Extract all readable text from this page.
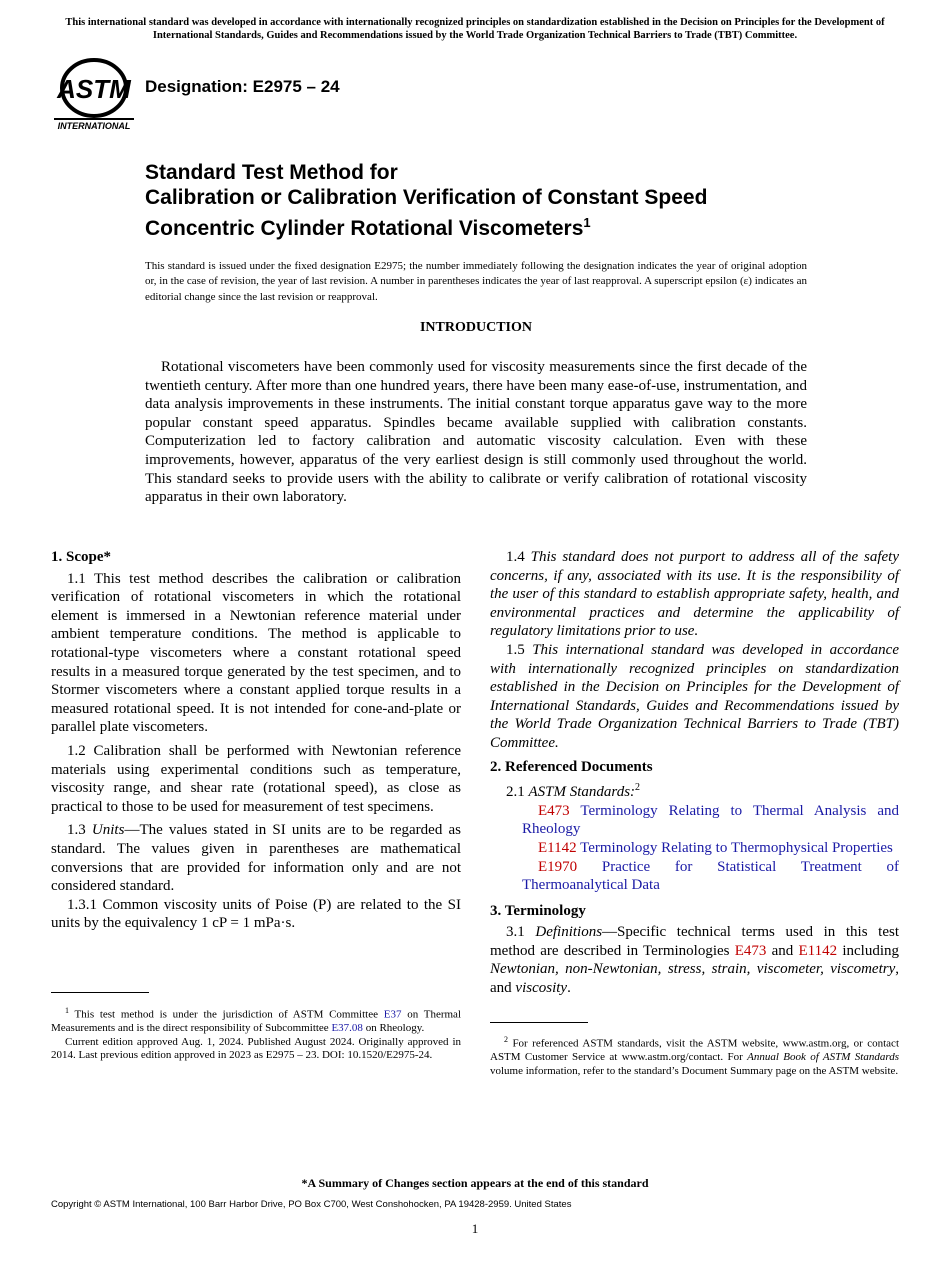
This international standard was developed in accordance with internationally recognized principles on standardization established in the Decision on Principles for the Development of International Standards, Guides and Recommendations issued by the World Trade Organization Technical Barriers to Trade (TBT) Committee.
ASTM
INTERNATIONAL
Designation: E2975 – 24
Standard Test Method for
Calibration or Calibration Verification of Constant Speed
Concentric Cylinder Rotational Viscometers$^1$
This standard is issued under the fixed designation E2975; the number immediately following the designation indicates the year of original adoption or, in the case of revision, the year of last revision. A number in parentheses indicates the year of last reapproval. A superscript epsilon (ε) indicates an editorial change since the last revision or reapproval.
INTRODUCTION
Rotational viscometers have been commonly used for viscosity measurements since the first decade of the twentieth century. After more than one hundred years, there have been many ease-of-use, instrumentation, and data analysis improvements in these instruments. The initial constant torque apparatus gave way to the more popular constant speed apparatus. Spindles became available supplied with calibration constants. Computerization led to factory calibration and automatic viscosity calculation. Even with these improvements, however, apparatus of the very earliest design is still commonly used throughout the world. This standard seeks to provide users with the ability to calibrate or verify calibration of rotational viscosity apparatus in their own laboratory.
1. Scope*

1.1 This test method describes the calibration or calibration verification of rotational viscometers in which the rotational element is immersed in a Newtonian reference material under ambient temperature conditions. The method is applicable to rotational-type viscometers where a constant rotational speed results in a measured torque generated by the test specimen, and to Stormer viscometers where a constant applied torque results in a measured rotational speed. It is not intended for cone-and-plate or parallel plate viscometers.

1.2 Calibration shall be performed with Newtonian reference materials using experimental conditions such as temperature, viscosity range, and shear rate (rotational speed), as close as practical to those to be used for measurement of test specimens.

1.3 Units—The values stated in SI units are to be regarded as standard. The values given in parentheses are mathematical conversions that are provided for information only and are not considered standard.

1.3.1 Common viscosity units of Poise (P) are related to the SI units by the equivalency 1 cP = 1 mPa·s.

$^1$ This test method is under the jurisdiction of ASTM Committee E37 on Thermal Measurements and is the direct responsibility of Subcommittee E37.08 on Rheology.

Current edition approved Aug. 1, 2024. Published August 2024. Originally approved in 2014. Last previous edition approved in 2023 as E2975 – 23. DOI: 10.1520/E2975-24.

1.4 This standard does not purport to address all of the safety concerns, if any, associated with its use. It is the responsibility of the user of this standard to establish appropriate safety, health, and environmental practices and determine the applicability of regulatory limitations prior to use.

1.5 This international standard was developed in accordance with internationally recognized principles on standardization established in the Decision on Principles for the Development of International Standards, Guides and Recommendations issued by the World Trade Organization Technical Barriers to Trade (TBT) Committee.

2. Referenced Documents

2.1 ASTM Standards:$^2$

E473 Terminology Relating to Thermal Analysis and Rheology

E1142 Terminology Relating to Thermophysical Properties

E1970 Practice for Statistical Treatment of Thermoanalytical Data

3. Terminology

3.1 Definitions—Specific technical terms used in this test method are described in Terminologies E473 and E1142 including Newtonian, non-Newtonian, stress, strain, viscometer, viscometry, and viscosity.

$^2$ For referenced ASTM standards, visit the ASTM website, www.astm.org, or contact ASTM Customer Service at www.astm.org/contact. For Annual Book of ASTM Standards volume information, refer to the standard’s Document Summary page on the ASTM website.

*A Summary of Changes section appears at the end of this standard
Copyright © ASTM International, 100 Barr Harbor Drive, PO Box C700, West Conshohocken, PA 19428-2959. United States
1
